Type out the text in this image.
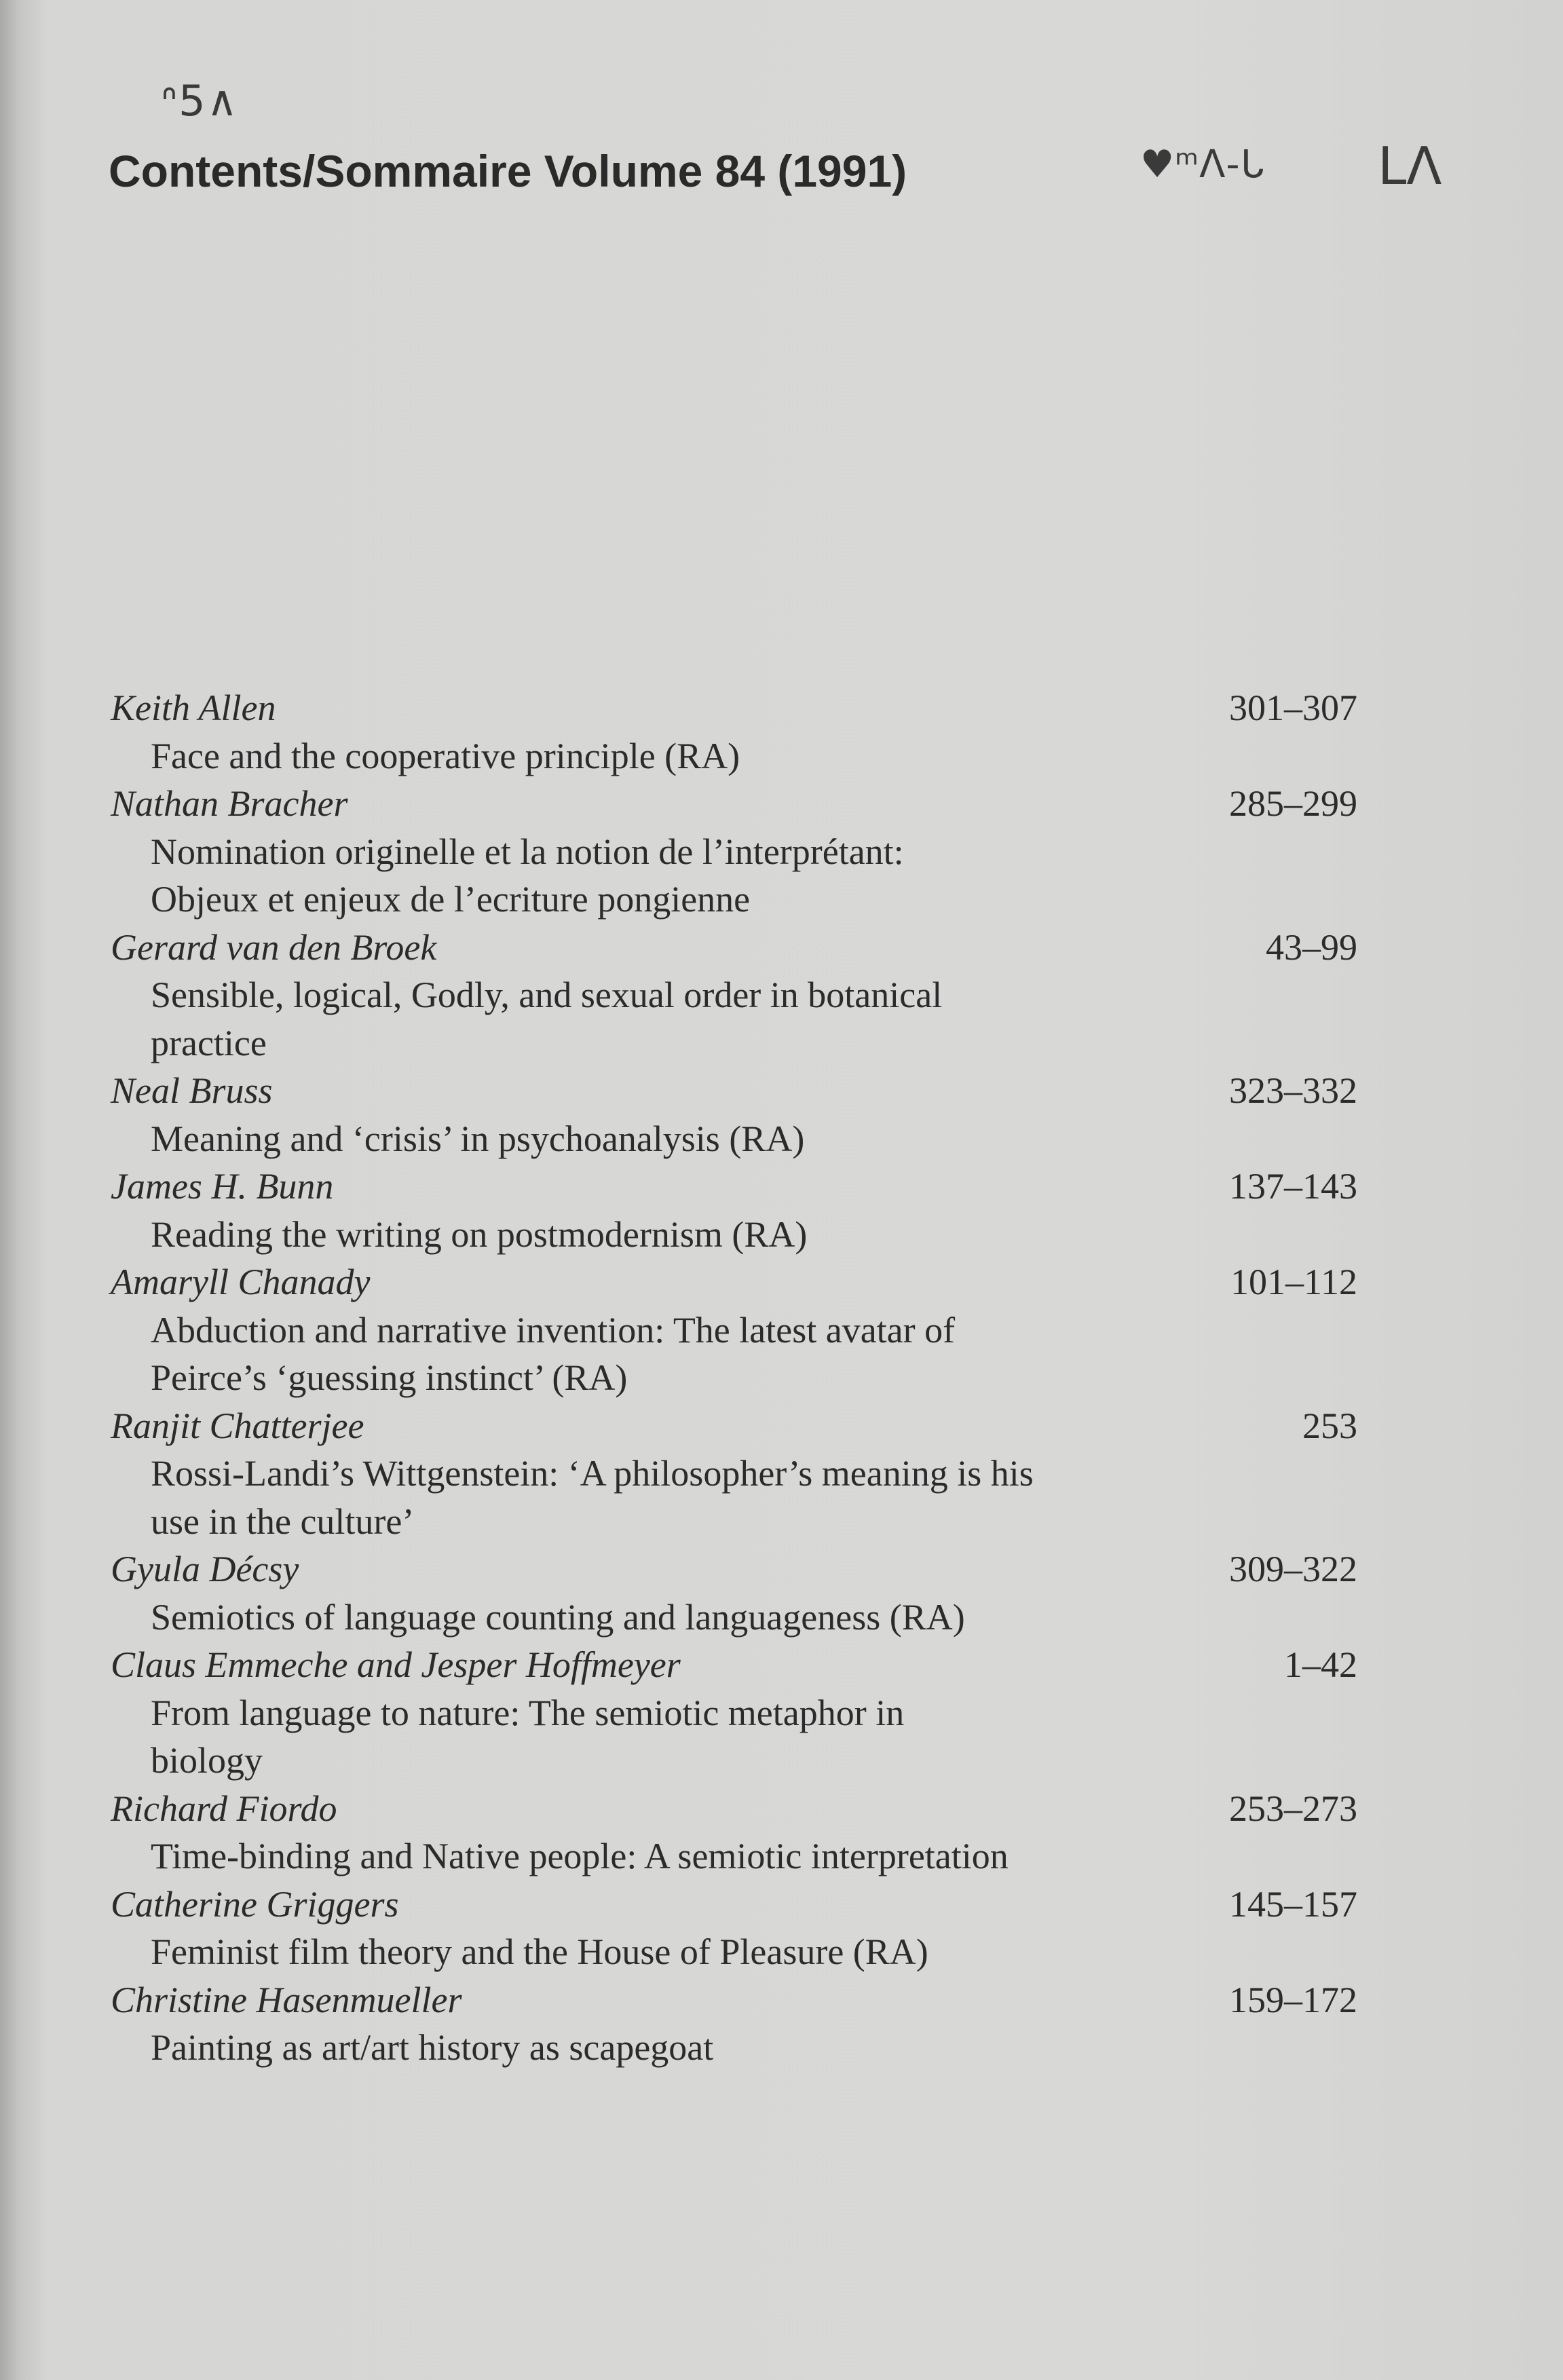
ᐢ5∧
♥ᵐᐱ-ᒐ ᒪᐱ
Contents/Sommaire Volume 84 (1991)
Keith Allen	301–307
Face and the cooperative principle (RA)
Nathan Bracher	285–299
Nomination originelle et la notion de l’interprétant:
Objeux et enjeux de l’ecriture pongienne
Gerard van den Broek	43–99
Sensible, logical, Godly, and sexual order in botanical
practice
Neal Bruss	323–332
Meaning and ‘crisis’ in psychoanalysis (RA)
James H. Bunn	137–143
Reading the writing on postmodernism (RA)
Amaryll Chanady	101–112
Abduction and narrative invention: The latest avatar of
Peirce’s ‘guessing instinct’ (RA)
Ranjit Chatterjee	253
Rossi-Landi’s Wittgenstein: ‘A philosopher’s meaning is his
use in the culture’
Gyula Décsy	309–322
Semiotics of language counting and languageness (RA)
Claus Emmeche and Jesper Hoffmeyer	1–42
From language to nature: The semiotic metaphor in
biology
Richard Fiordo	253–273
Time-binding and Native people: A semiotic interpretation
Catherine Griggers	145–157
Feminist film theory and the House of Pleasure (RA)
Christine Hasenmueller	159–172
Painting as art/art history as scapegoat
